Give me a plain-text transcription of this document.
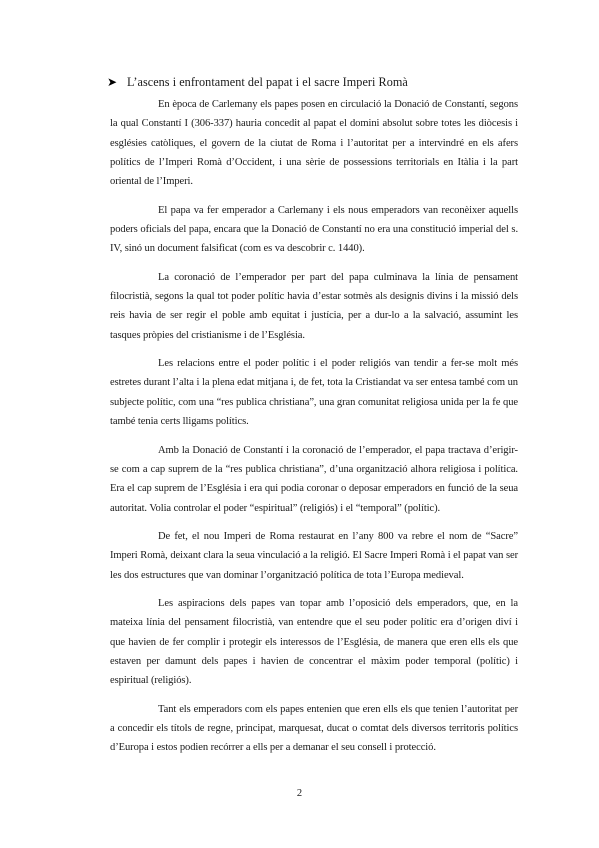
➤ L’ascens i enfrontament del papat i el sacre Imperi Romà

En època de Carlemany els papes posen en circulació la Donació de Constantí, segons la qual Constantí I (306-337) hauria concedit al papat el domini absolut sobre totes les diòcesis i esglésies catòliques, el govern de la ciutat de Roma i l’autoritat per a intervindré en els afers polítics de l’Imperi Romà d’Occident, i una sèrie de possessions territorials en Itàlia i la part oriental de l’Imperi.

El papa va fer emperador a Carlemany i els nous emperadors van reconèixer aquells poders oficials del papa, encara que la Donació de Constantí no era una constitució imperial del s. IV, sinó un document falsificat (com es va descobrir c. 1440).

La coronació de l’emperador per part del papa culminava la línia de pensament filocristià, segons la qual tot poder polític havia d’estar sotmès als designis divins i la missió dels reis havia de ser regir el poble amb equitat i justícia, per a dur-lo a la salvació, assumint les tasques pròpies del cristianisme i de l’Església.

Les relacions entre el poder polític i el poder religiós van tendir a fer-se molt més estretes durant l’alta i la plena edat mitjana i, de fet, tota la Cristiandat va ser entesa també com un subjecte polític, com una “res publica christiana”, una gran comunitat religiosa unida per la fe que també tenia certs lligams polítics.

Amb la Donació de Constantí i la coronació de l’emperador, el papa tractava d’erigir-se com a cap suprem de la “res publica christiana”, d’una organització alhora religiosa i política. Era el cap suprem de l’Església i era qui podia coronar o deposar emperadors en funció de la seua autoritat. Volia controlar el poder “espiritual” (religiós) i el “temporal” (polític).

De fet, el nou Imperi de Roma restaurat en l’any 800 va rebre el nom de “Sacre” Imperi Romà, deixant clara la seua vinculació a la religió. El Sacre Imperi Romà i el papat van ser les dos estructures que van dominar l’organització política de tota l’Europa medieval.

Les aspiracions dels papes van topar amb l’oposició dels emperadors, que, en la mateixa línia del pensament filocristià, van entendre que el seu poder polític era d’origen diví i que havien de fer complir i protegir els interessos de l’Església, de manera que eren ells els que estaven per damunt dels papes i havien de concentrar el màxim poder temporal (polític) i espiritual (religiós).

Tant els emperadors com els papes entenien que eren ells els que tenien l’autoritat per a concedir els títols de regne, principat, marquesat, ducat o comtat dels diversos territoris polítics d’Europa i estos podien recórrer a ells per a demanar el seu consell i protecció.

2
